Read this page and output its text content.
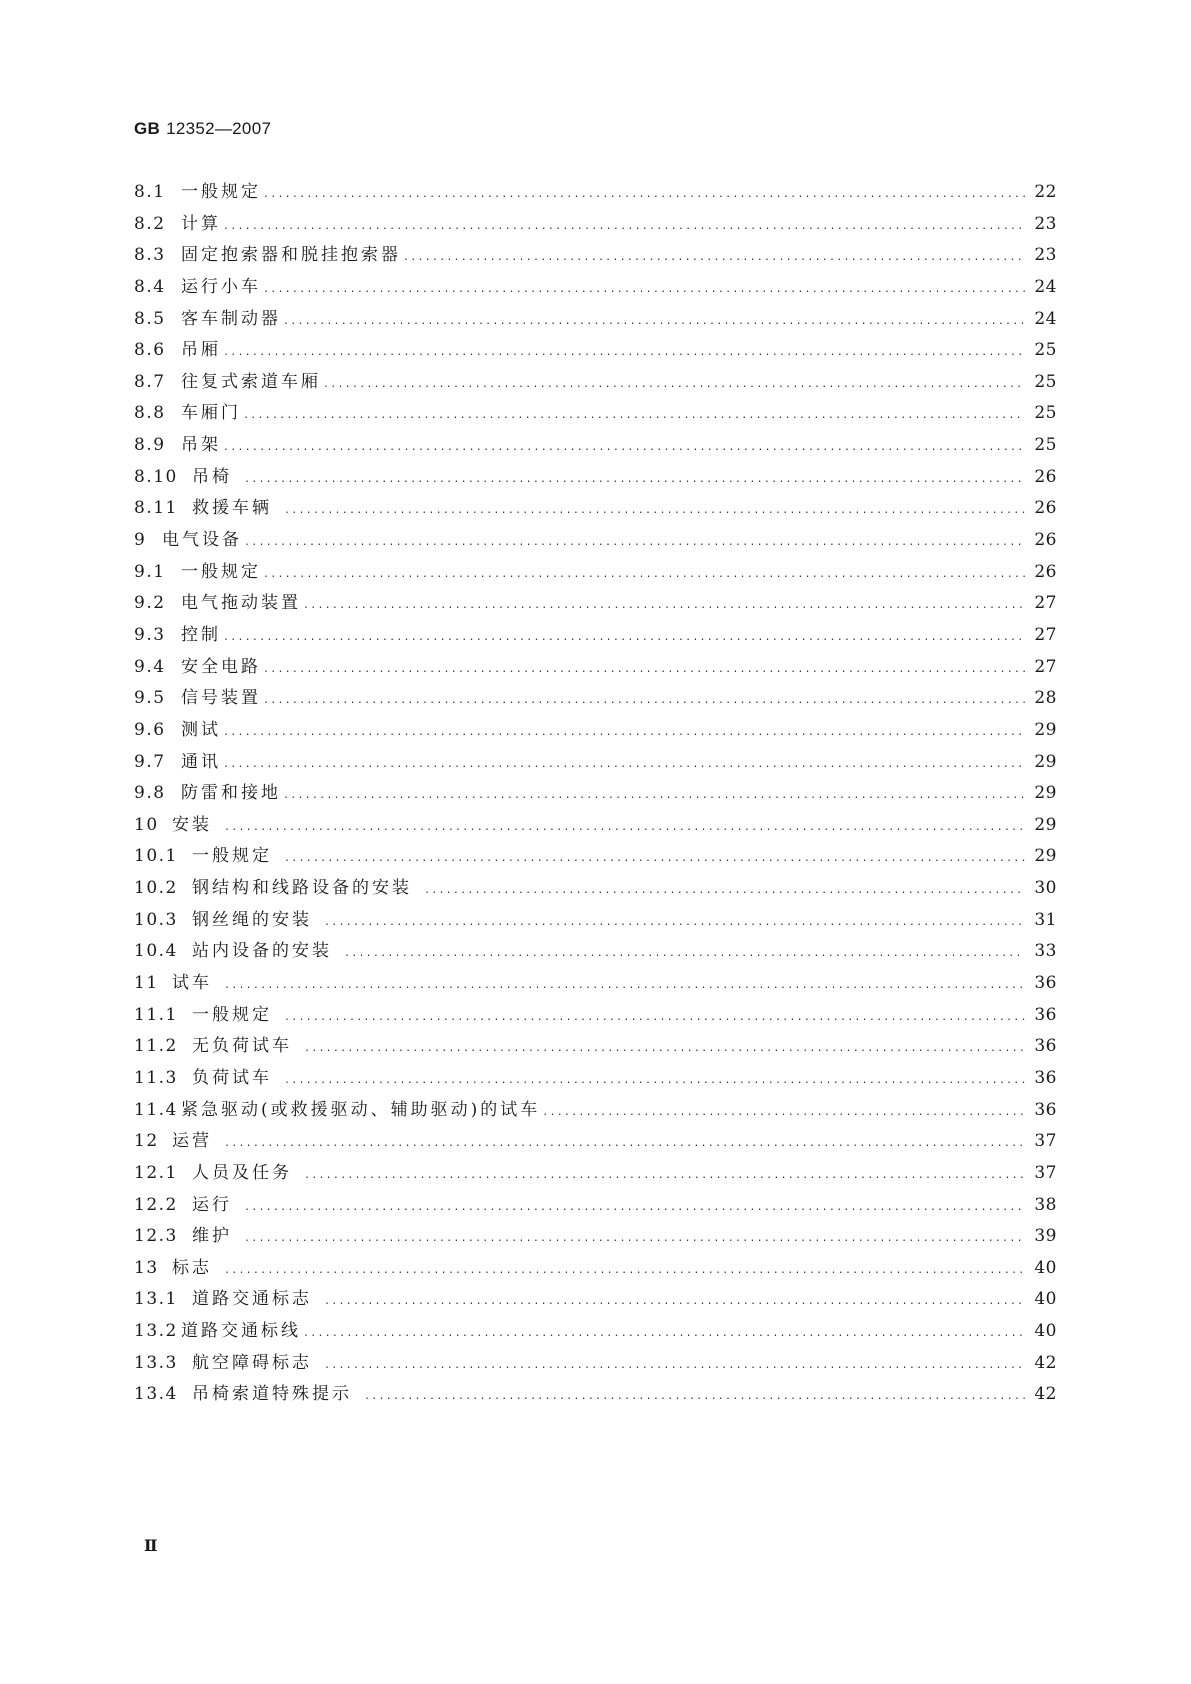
GB 12352—2007
8.1 一般规定 .....	22
8.2 计算 .....	23
8.3 固定抱索器和脱挂抱索器 .....	23
8.4 运行小车 .....	24
8.5 客车制动器 .....	24
8.6 吊厢 .....	25
8.7 往复式索道车厢 .....	25
8.8 车厢门 .....	25
8.9 吊架 .....	25
8.10 吊椅 .....	26
8.11 救援车辆 .....	26
9 电气设备 .....	26
9.1 一般规定 .....	26
9.2 电气拖动装置 .....	27
9.3 控制 .....	27
9.4 安全电路 .....	27
9.5 信号装置 .....	28
9.6 测试 .....	29
9.7 通讯 .....	29
9.8 防雷和接地 .....	29
10 安装 .....	29
10.1 一般规定 .....	29
10.2 钢结构和线路设备的安装 .....	30
10.3 钢丝绳的安装 .....	31
10.4 站内设备的安装 .....	33
11 试车 .....	36
11.1 一般规定 .....	36
11.2 无负荷试车 .....	36
11.3 负荷试车 .....	36
11.4 紧急驱动(或救援驱动、辅助驱动)的试车 .....	36
12 运营 .....	37
12.1 人员及任务 .....	37
12.2 运行 .....	38
12.3 维护 .....	39
13 标志 .....	40
13.1 道路交通标志 .....	40
13.2 道路交通标线 .....	40
13.3 航空障碍标志 .....	42
13.4 吊椅索道特殊提示 .....	42
Ⅱ
